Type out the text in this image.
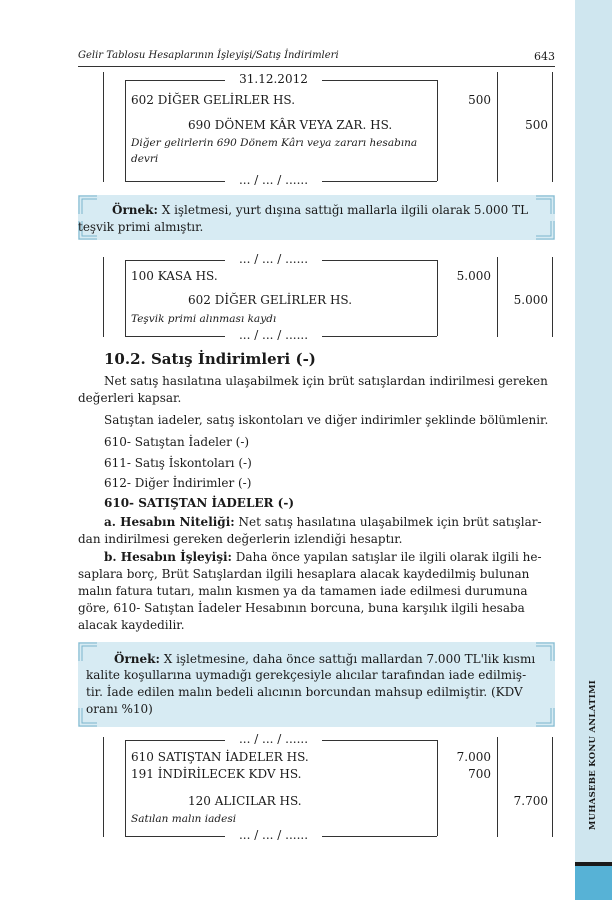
Gelir Tablosu Hesaplarının İşleyişi/Satış İndirimleri	643
MUHASEBE KONU ANLATIMI
31.12.2012
602 DİĞER GELİRLER HS.	500
690 DÖNEM KÂR VEYA ZAR. HS.	500
Diğer gelirlerin 690 Dönem Kârı veya zararı hesabına
devri
... / ... / ......
Örnek: X işletmesi, yurt dışına sattığı mallarla ilgili olarak 5.000 TL
teşvik primi almıştır.
... / ... / ......
100 KASA HS.	5.000
602 DİĞER GELİRLER HS.	5.000
Teşvik primi alınması kaydı
... / ... / ......
10.2. Satış İndirimleri (-)
Net satış hasılatına ulaşabilmek için brüt satışlardan indirilmesi gereken
değerleri kapsar.
Satıştan iadeler, satış iskontoları ve diğer indirimler şeklinde bölümlenir.
610- Satıştan İadeler (-)
611- Satış İskontoları (-)
612- Diğer İndirimler (-)
610- SATIŞTAN İADELER (-)
a. Hesabın Niteliği: Net satış hasılatına ulaşabilmek için brüt satışlar-
dan indirilmesi gereken değerlerin izlendiği hesaptır.
b. Hesabın İşleyişi: Daha önce yapılan satışlar ile ilgili olarak ilgili he-
saplara borç, Brüt Satışlardan ilgili hesaplara alacak kaydedilmiş bulunan
malın fatura tutarı, malın kısmen ya da tamamen iade edilmesi durumuna
göre, 610- Satıştan İadeler Hesabının borcuna, buna karşılık ilgili hesaba
alacak kaydedilir.
Örnek: X işletmesine, daha önce sattığı mallardan 7.000 TL'lik kısmı
kalite koşullarına uymadığı gerekçesiyle alıcılar tarafından iade edilmiş-
tir. İade edilen malın bedeli alıcının borcundan mahsup edilmiştir. (KDV
oranı %10)
... / ... / ......
610 SATIŞTAN İADELER HS.	7.000
191 İNDİRİLECEK KDV HS.	700
120 ALICILAR HS.	7.700
Satılan malın iadesi
... / ... / ......
